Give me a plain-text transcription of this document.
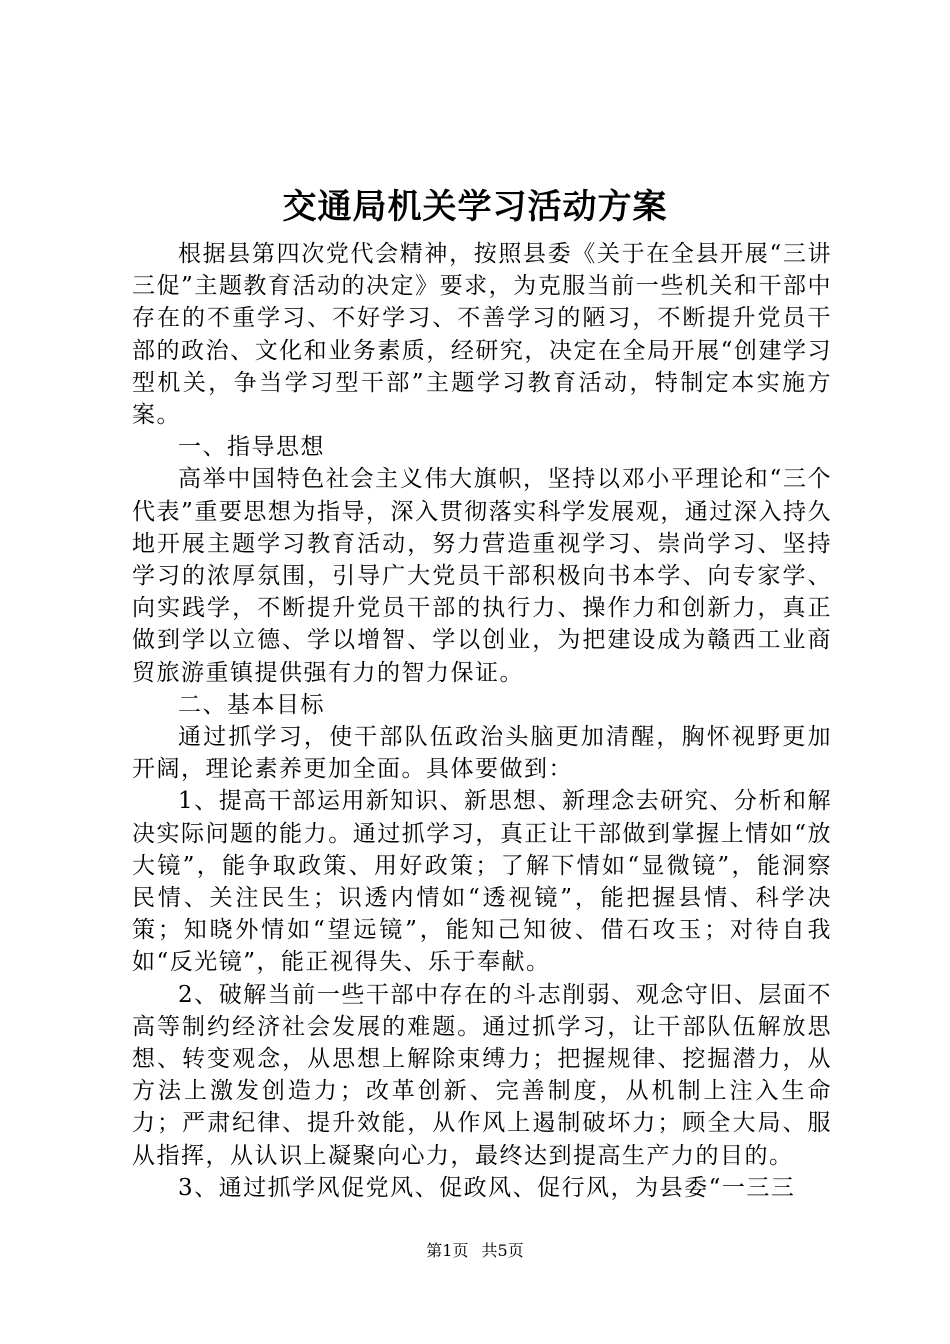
交通局机关学习活动方案

根据县第四次党代会精神，按照县委《关于在全县开展“三讲三促”主题教育活动的决定》要求，为克服当前一些机关和干部中存在的不重学习、不好学习、不善学习的陋习，不断提升党员干部的政治、文化和业务素质，经研究，决定在全局开展“创建学习型机关，争当学习型干部”主题学习教育活动，特制定本实施方案。

一、指导思想

高举中国特色社会主义伟大旗帜，坚持以邓小平理论和“三个代表”重要思想为指导，深入贯彻落实科学发展观，通过深入持久地开展主题学习教育活动，努力营造重视学习、崇尚学习、坚持学习的浓厚氛围，引导广大党员干部积极向书本学、向专家学、向实践学，不断提升党员干部的执行力、操作力和创新力，真正做到学以立德、学以增智、学以创业，为把建设成为赣西工业商贸旅游重镇提供强有力的智力保证。

二、基本目标

通过抓学习，使干部队伍政治头脑更加清醒，胸怀视野更加开阔，理论素养更加全面。具体要做到：

1、提高干部运用新知识、新思想、新理念去研究、分析和解决实际问题的能力。通过抓学习，真正让干部做到掌握上情如“放大镜”，能争取政策、用好政策；了解下情如“显微镜”，能洞察民情、关注民生；识透内情如“透视镜”，能把握县情、科学决策；知晓外情如“望远镜”，能知己知彼、借石攻玉；对待自我如“反光镜”，能正视得失、乐于奉献。

2、破解当前一些干部中存在的斗志削弱、观念守旧、层面不高等制约经济社会发展的难题。通过抓学习，让干部队伍解放思想、转变观念，从思想上解除束缚力；把握规律、挖掘潜力，从方法上激发创造力；改革创新、完善制度，从机制上注入生命力；严肃纪律、提升效能，从作风上遏制破坏力；顾全大局、服从指挥，从认识上凝聚向心力，最终达到提高生产力的目的。

3、通过抓学风促党风、促政风、促行风，为县委“一三三

第1页 共5页
